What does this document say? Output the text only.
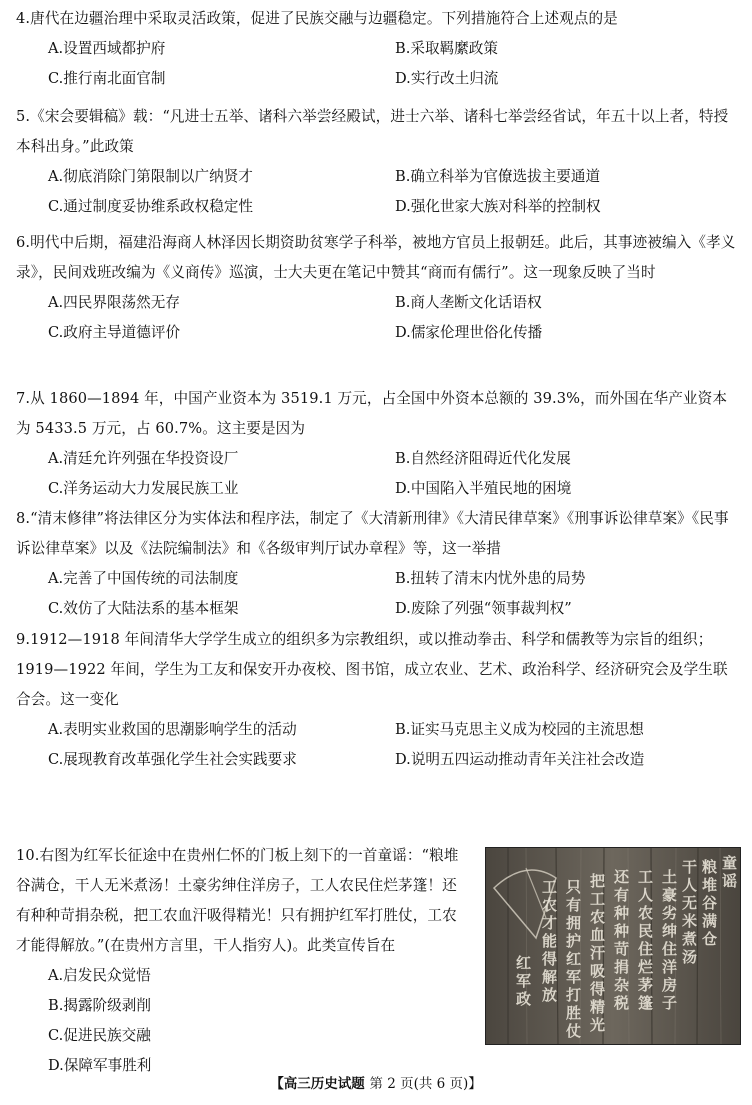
4.唐代在边疆治理中采取灵活政策，促进了民族交融与边疆稳定。下列措施符合上述观点的是
A.设置西域都护府	B.采取羁縻政策
C.推行南北面官制	D.实行改土归流
5.《宋会要辑稿》载：“凡进士五举、诸科六举尝经殿试，进士六举、诸科七举尝经省试，年五十以上者，特授本科出身。”此政策
A.彻底消除门第限制以广纳贤才	B.确立科举为官僚选拔主要通道
C.通过制度妥协维系政权稳定性	D.强化世家大族对科举的控制权
6.明代中后期，福建沿海商人林泽因长期资助贫寒学子科举，被地方官员上报朝廷。此后，其事迹被编入《孝义录》，民间戏班改编为《义商传》巡演，士大夫更在笔记中赞其“商而有儒行”。这一现象反映了当时
A.四民界限荡然无存	B.商人垄断文化话语权
C.政府主导道德评价	D.儒家伦理世俗化传播
7.从 1860—1894 年，中国产业资本为 3519.1 万元，占全国中外资本总额的 39.3%，而外国在华产业资本为 5433.5 万元，占 60.7%。这主要是因为
A.清廷允许列强在华投资设厂	B.自然经济阻碍近代化发展
C.洋务运动大力发展民族工业	D.中国陷入半殖民地的困境
8.“清末修律”将法律区分为实体法和程序法，制定了《大清新刑律》《大清民律草案》《刑事诉讼律草案》《民事诉讼律草案》以及《法院编制法》和《各级审判厅试办章程》等，这一举措
A.完善了中国传统的司法制度	B.扭转了清末内忧外患的局势
C.效仿了大陆法系的基本框架	D.废除了列强“领事裁判权”
9.1912—1918 年间清华大学学生成立的组织多为宗教组织，或以推动拳击、科学和儒教等为宗旨的组织；1919—1922 年间，学生为工友和保安开办夜校、图书馆，成立农业、艺术、政治科学、经济研究会及学生联合会。这一变化
A.表明实业救国的思潮影响学生的活动	B.证实马克思主义成为校园的主流思想
C.展现教育改革强化学生社会实践要求	D.说明五四运动推动青年关注社会改造
10.右图为红军长征途中在贵州仁怀的门板上刻下的一首童谣：“粮堆谷满仓，干人无米煮汤！土豪劣绅住洋房子，工人农民住烂茅篷！还有种种苛捐杂税，把工农血汗吸得精光！只有拥护红军打胜仗，工农才能得解放。”(在贵州方言里，干人指穷人)。此类宣传旨在
A.启发民众觉悟
B.揭露阶级剥削
C.促进民族交融
D.保障军事胜利
童
谣
粮
堆
谷
满
仓
干
人
无
米
煮
汤
土
豪
劣
绅
住
洋
房
子
工
人
农
民
住
烂
茅
篷
还
有
种
种
苛
捐
杂
税
把
工
农
血
汗
吸
得
精
光
只
有
拥
护
红
军
打
胜
仗
工
农
才
能
得
解
放
红
军
政
【高三历史试题 第 2 页(共 6 页)】
